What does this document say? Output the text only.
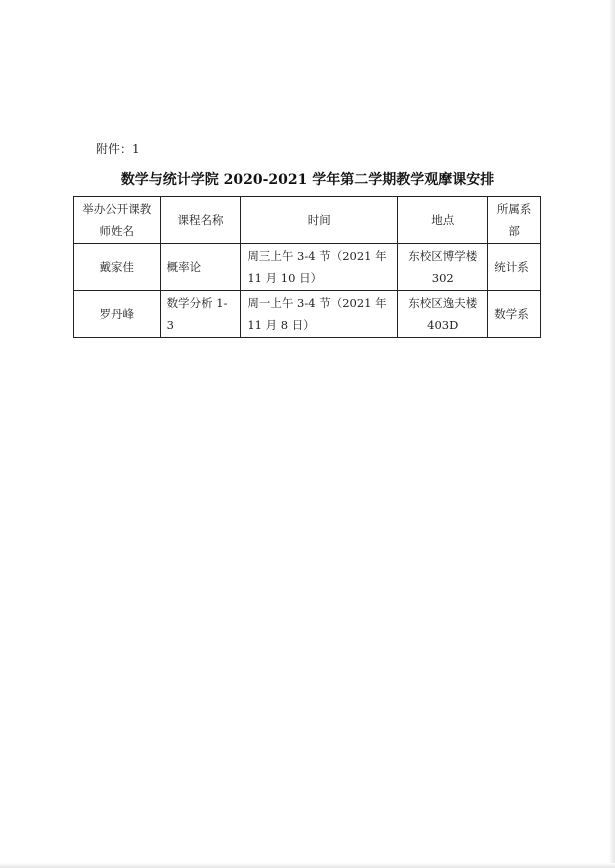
附件：1
数学与统计学院 2020-2021 学年第二学期教学观摩课安排
举办公开课教师姓名	课程名称	时间	地点	所属系部
戴家佳	概率论	周三上午 3-4 节（2021 年 11 月 10 日）	东校区博学楼 302	统计系
罗丹峰	数学分析 1-3	周一上午 3-4 节（2021 年 11 月 8 日）	东校区逸夫楼 403D	数学系
